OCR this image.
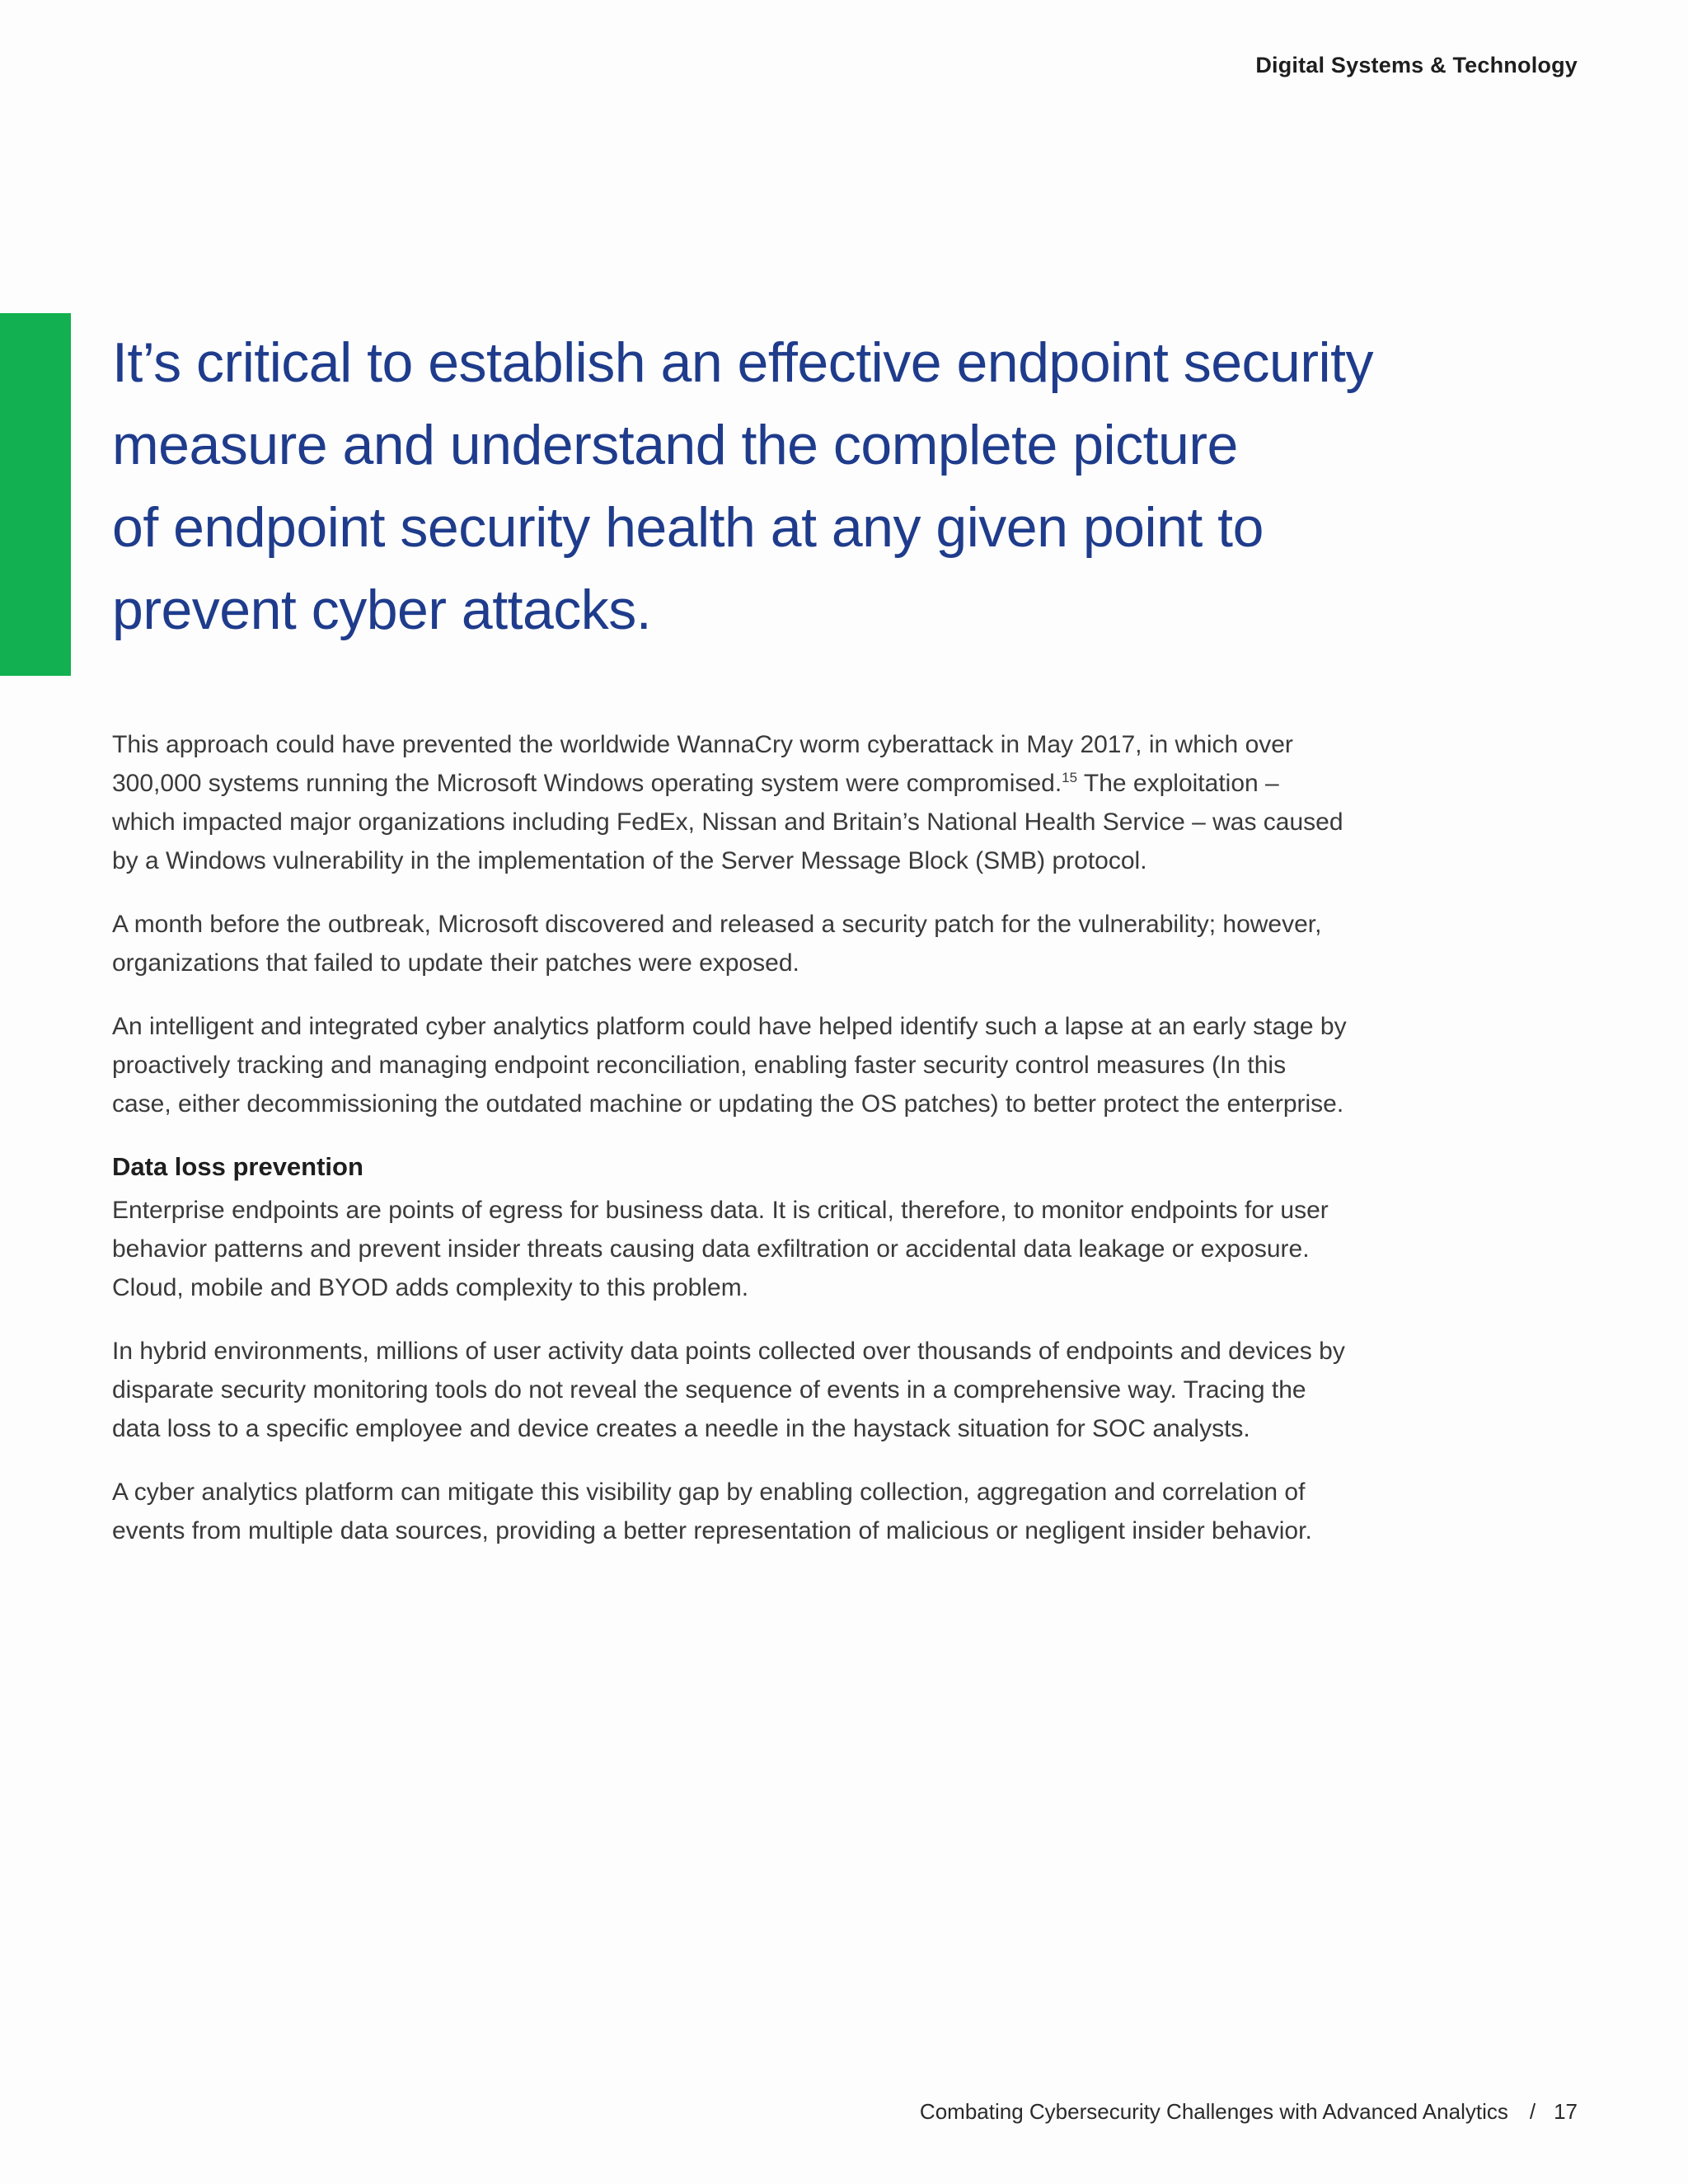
Digital Systems & Technology
It’s critical to establish an effective endpoint security
measure and understand the complete picture
of endpoint security health at any given point to
prevent cyber attacks.

This approach could have prevented the worldwide WannaCry worm cyberattack in May 2017, in which over 300,000 systems running the Microsoft Windows operating system were compromised.$^{15}$ The exploitation – which impacted major organizations including FedEx, Nissan and Britain’s National Health Service – was caused by a Windows vulnerability in the implementation of the Server Message Block (SMB) protocol.

A month before the outbreak, Microsoft discovered and released a security patch for the vulnerability; however, organizations that failed to update their patches were exposed.

An intelligent and integrated cyber analytics platform could have helped identify such a lapse at an early stage by proactively tracking and managing endpoint reconciliation, enabling faster security control measures (In this case, either decommissioning the outdated machine or updating the OS patches) to better protect the enterprise.

Data loss prevention

Enterprise endpoints are points of egress for business data. It is critical, therefore, to monitor endpoints for user behavior patterns and prevent insider threats causing data exfiltration or accidental data leakage or exposure. Cloud, mobile and BYOD adds complexity to this problem.

In hybrid environments, millions of user activity data points collected over thousands of endpoints and devices by disparate security monitoring tools do not reveal the sequence of events in a comprehensive way. Tracing the data loss to a specific employee and device creates a needle in the haystack situation for SOC analysts.

A cyber analytics platform can mitigate this visibility gap by enabling collection, aggregation and correlation of events from multiple data sources, providing a better representation of malicious or negligent insider behavior.

Combating Cybersecurity Challenges with Advanced Analytics / 17
